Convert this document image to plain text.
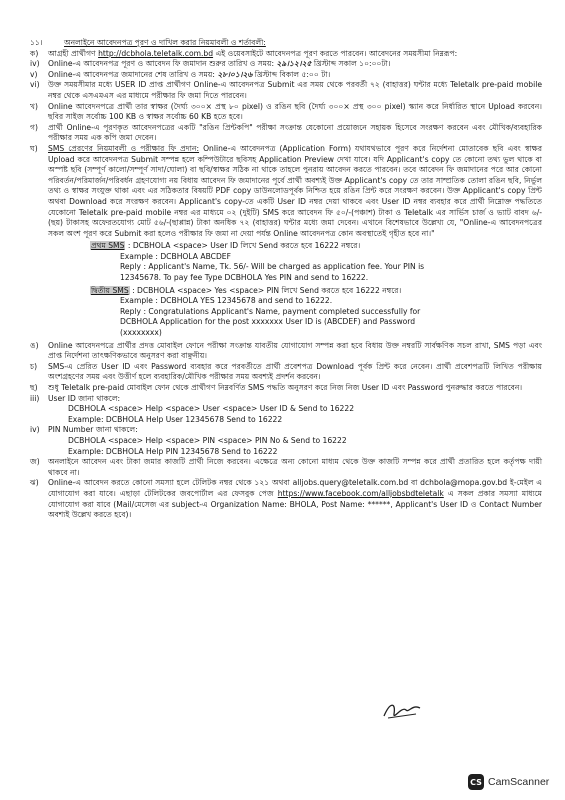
১১।	অনলাইনে আবেদনপত্র পূরণ ও দাখিল করার নিয়মাবলী ও শর্তাবলী:
ক)	আগ্রহী প্রার্থীগণ http://dcbhola.teletalk.com.bd এই ওয়েবসাইটে আবেদনপত্র পূরণ করতে পারবেন। আবেদনের সময়সীমা নিম্নরূপ:
iv)	Online-এ আবেদনপত্র পূরণ ও আবেদন ফি জমাদান শুরুর তারিখ ও সময়: ২৯।১২।২৫ খ্রিস্টাব্দ সকাল ১০:০০টা।
v)	Online-এ আবেদনপত্র জমাদানের শেষ তারিখ ও সময়: ২৮।০১।২৬ খ্রিস্টাব্দ বিকাল ৫:০০ টা।
vi)	উক্ত সময়সীমার মধ্যে USER ID প্রাপ্ত প্রার্থীগণ Online-এ আবেদনপত্র Submit এর সময় থেকে পরবর্তী ৭২ (বাহাত্তর) ঘন্টার মধ্যে Teletalk pre-paid mobile নম্বর থেকে এসএমএস এর মাধ্যমে পরীক্ষার ফি জমা দিতে পারবেন।
খ)	Online আবেদনপত্রে প্রার্থী তার স্বাক্ষর (দৈর্ঘ্য ৩০০× প্রস্থ ৮০ pixel) ও রঙিন ছবি (দৈর্ঘ্য ৩০০× প্রস্থ ৩০০ pixel) স্ক্যান করে নির্ধারিত স্থানে Upload করবেন। ছবির সাইজ সর্বোচ্চ 100 KB ও স্বাক্ষর সর্বোচ্চ 60 KB হতে হবে।
গ)	প্রার্থী Online-এ পূরণকৃত আবেদনপত্রের একটি "রঙিন প্রিন্টকপি" পরীক্ষা সংক্রান্ত যেকোনো প্রয়োজনে সহায়ক হিসেবে সংরক্ষণ করবেন এবং মৌখিক/ব্যবহারিক পরীক্ষার সময় এক কপি জমা দেবেন।
ঘ)	SMS প্রেরণের নিয়মাবলী ও পরীক্ষার ফি প্রদান: Online-এ আবেদনপত্র (Application Form) যথাযথভাবে পূরণ করে নির্দেশনা মোতাবেক ছবি এবং স্বাক্ষর Upload করে আবেদনপত্র Submit সম্পন্ন হলে কম্পিউটারে ছবিসহ Application Preview দেখা যাবে। যদি Applicant's copy তে কোনো তথ্য ভুল থাকে বা অস্পষ্ট ছবি (সম্পূর্ণ কালো/সম্পূর্ণ সাদা/ঘোলা) বা ছবি/স্বাক্ষর সঠিক না থাকে তাহলে পুনরায় আবেদন করতে পারবেন। তবে আবেদন ফি জমাদানের পরে আর কোনো পরিবর্তন/পরিমার্জন/পরিবর্ধন গ্রহণযোগ্য নয় বিধায় আবেদন ফি জমাদানের পূর্বে প্রার্থী অবশ্যই উক্ত Applicant's copy তে তার সাম্প্রতিক তোলা রঙিন ছবি, নির্ভুল তথ্য ও স্বাক্ষর সংযুক্ত থাকা এবং এর সঠিকতার বিষয়টি PDF copy ডাউনলোডপূর্বক নিশ্চিত হয়ে রঙিন প্রিন্ট করে সংরক্ষণ করবেন। উক্ত Applicant's copy প্রিন্ট অথবা Download করে সংরক্ষণ করবেন। Applicant's copy-তে একটি User ID নম্বর দেয়া থাকবে এবং User ID নম্বর ব্যবহার করে প্রার্থী নিম্নোক্ত পদ্ধতিতে যেকোনো Teletalk pre-paid mobile নম্বর এর মাধ্যমে ০২ (দুইটি) SMS করে আবেদন ফি ৫০/-(পঞ্চাশ) টাকা ও Teletalk এর সার্ভিস চার্জ ও ভ্যাট বাবদ ৬/-(ছয়) টাকাসহ অফেরতযোগ্য মোট ৫৬/-(ছাপ্পান্ন) টাকা অনধিক ৭২ (বাহাত্তর) ঘন্টার মধ্যে জমা দেবেন। এখানে বিশেষভাবে উল্লেখ্য যে, "Online-এ আবেদনপত্রের সকল অংশ পূরণ করে Submit করা হলেও পরীক্ষার ফি জমা না দেয়া পর্যন্ত Online আবেদনপত্র কোন অবস্থাতেই গৃহীত হবে না।"
প্রথম SMS : DCBHOLA <space> User ID লিখে Send করতে হবে 16222 নম্বরে।
Example : DCBHOLA ABCDEF
Reply : Applicant's Name, Tk. 56/- Will be charged as application fee. Your PIN is
12345678. To pay fee Type DCBHOLA Yes PIN and send to 16222.
দ্বিতীয় SMS : DCBHOLA <space> Yes <space> PIN লিখে Send করতে হবে 16222 নম্বরে।
Example : DCBHOLA YES 12345678 and send to 16222.
Reply : Congratulations Applicant's Name, payment completed successfully for
DCBHOLA Application for the post xxxxxxx User ID is (ABCDEF) and Password
(xxxxxxxx)
ঙ)	Online আবেদনপত্রে প্রার্থীর প্রদত্ত মোবাইল ফোনে পরীক্ষা সংক্রান্ত যাবতীয় যোগাযোগ সম্পন্ন করা হবে বিধায় উক্ত নম্বরটি সার্বক্ষণিক সচল রাখা, SMS পড়া এবং প্রাপ্ত নির্দেশনা তাৎক্ষণিকভাবে অনুসরণ করা বাঞ্ছনীয়।
চ)	SMS-এ প্রেরিত User ID এবং Password ব্যবহার করে পরবর্তীতে প্রার্থী প্রবেশপত্র Download পূর্বক প্রিন্ট করে নেবেন। প্রার্থী প্রবেশপত্রটি লিখিত পরীক্ষায় অংশগ্রহণের সময় এবং উত্তীর্ণ হলে ব্যবহারিক/মৌখিক পরীক্ষার সময় অবশ্যই প্রদর্শন করবেন।
ছ)	শুধু Teletalk pre-paid মোবাইল ফোন থেকে প্রার্থীগণ নিম্নবর্ণিত SMS পদ্ধতি অনুসরণ করে নিজ নিজ User ID এবং Password পুনরুদ্ধার করতে পারবেন।
iii)	User ID জানা থাকলে:
DCBHOLA <space> Help <space> User <space> User ID & Send to 16222
Example: DCBHOLA Help User 12345678 Send to 16222
iv)	PIN Number জানা থাকলে:
DCBHOLA <space> Help <space> PIN <space> PIN No & Send to 16222
Example: DCBHOLA Help PIN 12345678 Send to 16222
জ)	অনলাইনে আবেদন এবং টাকা জমার কাজটি প্রার্থী নিজে করবেন। এক্ষেত্রে অন্য কোনো মাধ্যম থেকে উক্ত কাজটি সম্পন্ন করে প্রার্থী প্রতারিত হলে কর্তৃপক্ষ দায়ী থাকবে না।
ঝ)	Online-এ আবেদন করতে কোনো সমস্যা হলে টেলিটক নম্বর থেকে ১২১ অথবা alljobs.query@teletalk.com.bd বা dchbola@mopa.gov.bd ই-মেইল এ যোগাযোগ করা যাবে। এছাড়া টেলিটকের জবপোর্টাল এর ফেসবুক পেজ https://www.facebook.com/alljobsbdteletalk এ সকল প্রকার সমস্যা মাধ্যমে যোগাযোগ করা যাবে (Mail/মেসেজ এর subject-এ Organization Name: BHOLA, Post Name: ******, Applicant's User ID ও Contact Number অবশ্যই উল্লেখ করতে হবে)।
CS CamScanner
